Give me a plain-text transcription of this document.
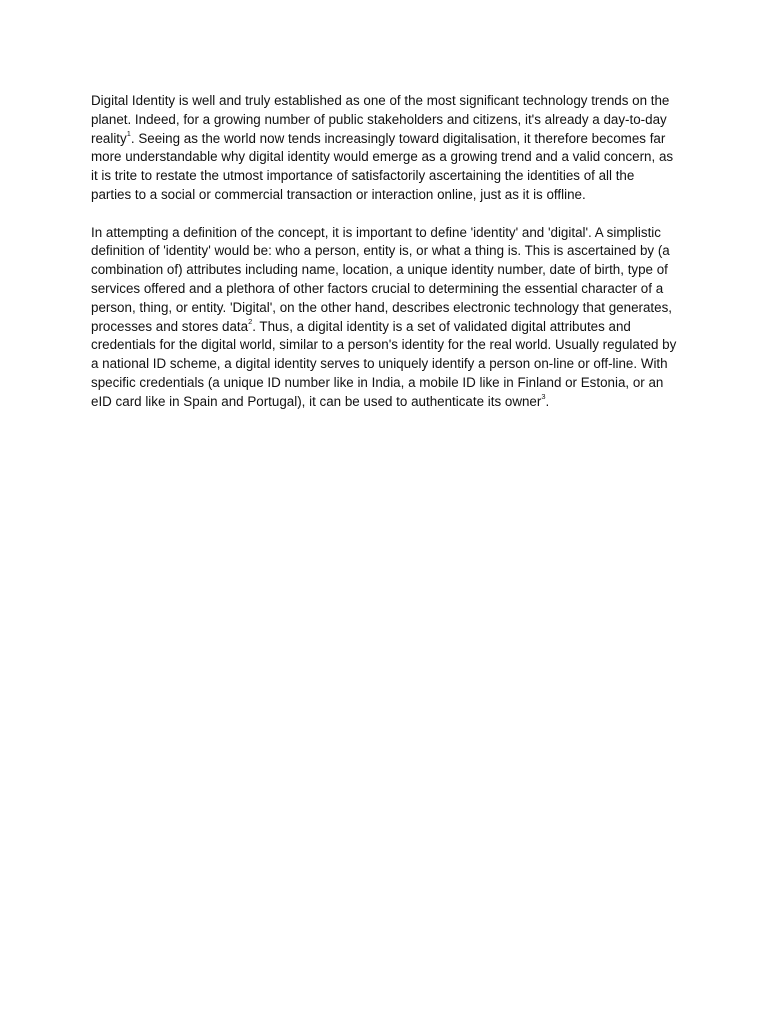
Digital Identity is well and truly established as one of the most significant technology trends on the planet. Indeed, for a growing number of public stakeholders and citizens, it's already a day-to-day reality$^1$. Seeing as the world now tends increasingly toward digitalisation, it therefore becomes far more understandable why digital identity would emerge as a growing trend and a valid concern, as it is trite to restate the utmost importance of satisfactorily ascertaining the identities of all the parties to a social or commercial transaction or interaction online, just as it is offline.

In attempting a definition of the concept, it is important to define 'identity' and 'digital'. A simplistic definition of 'identity' would be: who a person, entity is, or what a thing is. This is ascertained by (a combination of) attributes including name, location, a unique identity number, date of birth, type of services offered and a plethora of other factors crucial to determining the essential character of a person, thing, or entity. 'Digital', on the other hand, describes electronic technology that generates, processes and stores data$^2$. Thus, a digital identity is a set of validated digital attributes and credentials for the digital world, similar to a person's identity for the real world. Usually regulated by a national ID scheme, a digital identity serves to uniquely identify a person on-line or off-line. With specific credentials (a unique ID number like in India, a mobile ID like in Finland or Estonia, or an eID card like in Spain and Portugal), it can be used to authenticate its owner$^3$.
